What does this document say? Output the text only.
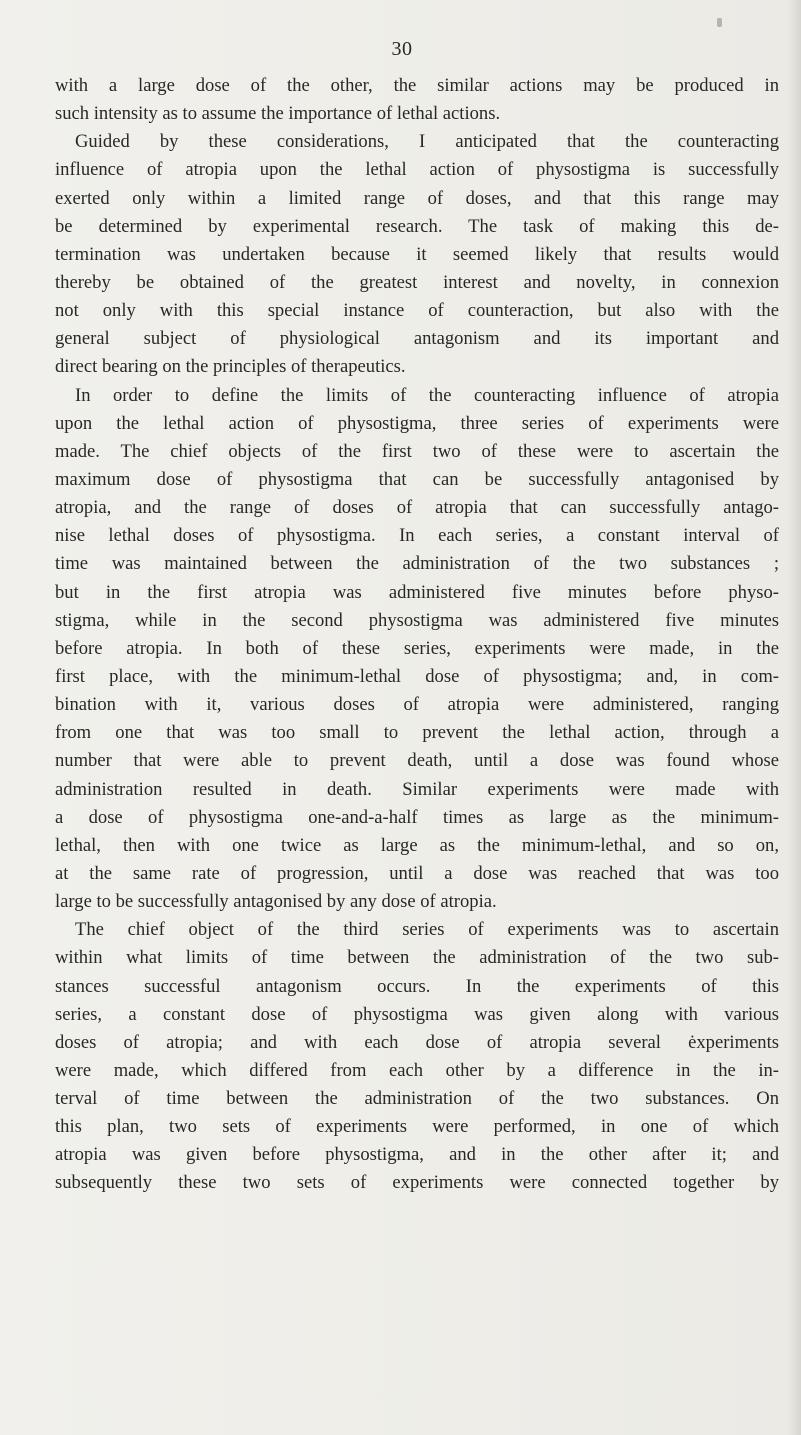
30

with a large dose of the other, the similar actions may be produced in
such intensity as to assume the importance of lethal actions.
Guided by these considerations, I anticipated that the counteracting
influence of atropia upon the lethal action of physostigma is successfully
exerted only within a limited range of doses, and that this range may
be determined by experimental research. The task of making this de-
termination was undertaken because it seemed likely that results would
thereby be obtained of the greatest interest and novelty, in connexion
not only with this special instance of counteraction, but also with the
general subject of physiological antagonism and its important and
direct bearing on the principles of therapeutics.
In order to define the limits of the counteracting influence of atropia
upon the lethal action of physostigma, three series of experiments were
made. The chief objects of the first two of these were to ascertain the
maximum dose of physostigma that can be successfully antagonised by
atropia, and the range of doses of atropia that can successfully antago-
nise lethal doses of physostigma. In each series, a constant interval of
time was maintained between the administration of the two substances ;
but in the first atropia was administered five minutes before physo-
stigma, while in the second physostigma was administered five minutes
before atropia. In both of these series, experiments were made, in the
first place, with the minimum-lethal dose of physostigma; and, in com-
bination with it, various doses of atropia were administered, ranging
from one that was too small to prevent the lethal action, through a
number that were able to prevent death, until a dose was found whose
administration resulted in death. Similar experiments were made with
a dose of physostigma one-and-a-half times as large as the minimum-
lethal, then with one twice as large as the minimum-lethal, and so on,
at the same rate of progression, until a dose was reached that was too
large to be successfully antagonised by any dose of atropia.
The chief object of the third series of experiments was to ascertain
within what limits of time between the administration of the two sub-
stances successful antagonism occurs. In the experiments of this
series, a constant dose of physostigma was given along with various
doses of atropia; and with each dose of atropia several ėxperiments
were made, which differed from each other by a difference in the in-
terval of time between the administration of the two substances. On
this plan, two sets of experiments were performed, in one of which
atropia was given before physostigma, and in the other after it; and
subsequently these two sets of experiments were connected together by
